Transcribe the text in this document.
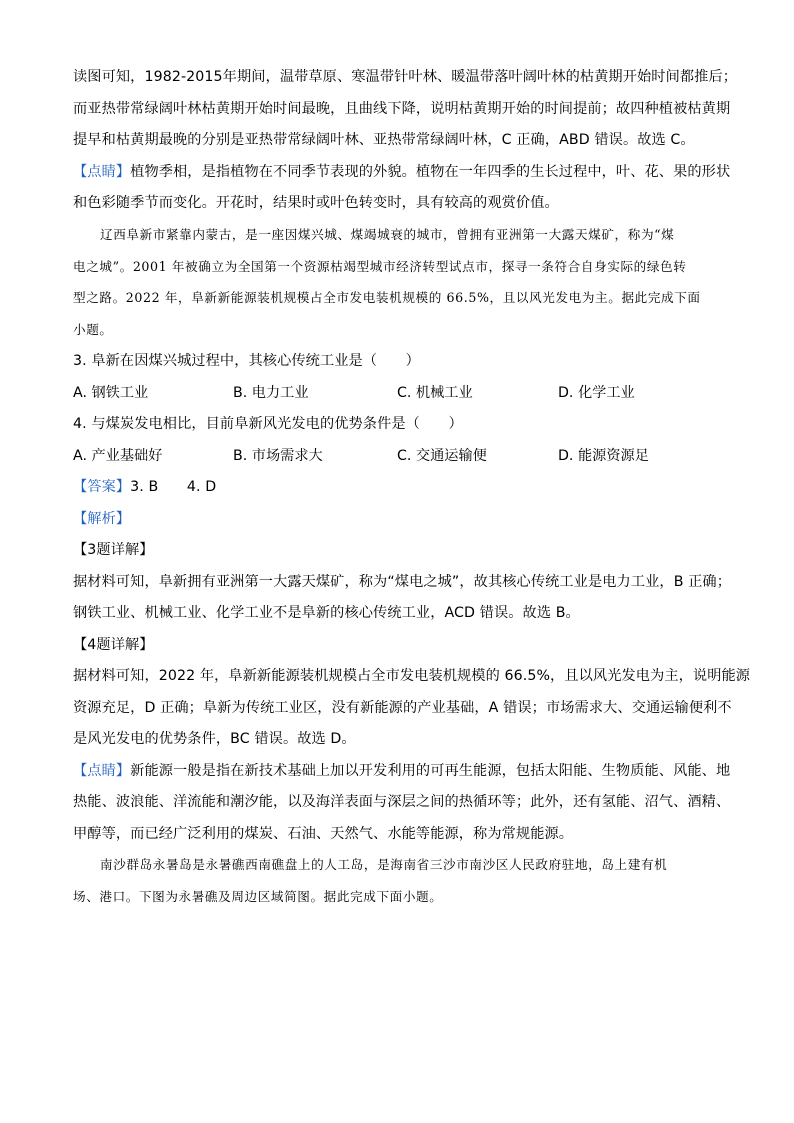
读图可知，1982-2015年期间，温带草原、寒温带针叶林、暖温带落叶阔叶林的枯黄期开始时间都推后；
而亚热带常绿阔叶林枯黄期开始时间最晚，且曲线下降，说明枯黄期开始的时间提前；故四种植被枯黄期
提早和枯黄期最晚的分别是亚热带常绿阔叶林、亚热带常绿阔叶林，C 正确，ABD 错误。故选 C。
【点睛】植物季相，是指植物在不同季节表现的外貌。植物在一年四季的生长过程中，叶、花、果的形状
和色彩随季节而变化。开花时，结果时或叶色转变时，具有较高的观赏价值。
辽西阜新市紧靠内蒙古，是一座因煤兴城、煤竭城衰的城市，曾拥有亚洲第一大露天煤矿，称为“煤
电之城”。2001 年被确立为全国第一个资源枯竭型城市经济转型试点市，探寻一条符合自身实际的绿色转
型之路。2022 年，阜新新能源装机规模占全市发电装机规模的 66.5%，且以风光发电为主。据此完成下面
小题。
3. 阜新在因煤兴城过程中，其核心传统工业是（　　）
A. 钢铁工业	B. 电力工业	C. 机械工业	D. 化学工业
4. 与煤炭发电相比，目前阜新风光发电的优势条件是（　　）
A. 产业基础好	B. 市场需求大	C. 交通运输便	D. 能源资源足
【答案】3. B　　4. D
【解析】
【3题详解】
据材料可知，阜新拥有亚洲第一大露天煤矿，称为“煤电之城”，故其核心传统工业是电力工业，B 正确；
钢铁工业、机械工业、化学工业不是阜新的核心传统工业，ACD 错误。故选 B。
【4题详解】
据材料可知，2022 年，阜新新能源装机规模占全市发电装机规模的 66.5%，且以风光发电为主，说明能源
资源充足，D 正确；阜新为传统工业区，没有新能源的产业基础，A 错误；市场需求大、交通运输便利不
是风光发电的优势条件，BC 错误。故选 D。
【点睛】新能源一般是指在新技术基础上加以开发利用的可再生能源，包括太阳能、生物质能、风能、地
热能、波浪能、洋流能和潮汐能，以及海洋表面与深层之间的热循环等；此外，还有氢能、沼气、酒精、
甲醇等，而已经广泛利用的煤炭、石油、天然气、水能等能源，称为常规能源。
南沙群岛永暑岛是永暑礁西南礁盘上的人工岛，是海南省三沙市南沙区人民政府驻地，岛上建有机
场、港口。下图为永暑礁及周边区域简图。据此完成下面小题。
